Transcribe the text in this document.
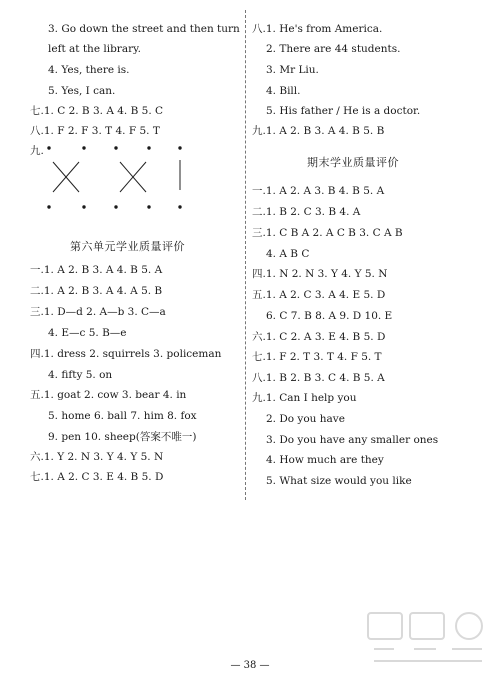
3. Go down the street and then turn
left at the library.
4. Yes, there is.
5. Yes, I can.
七.1. C 2. B 3. A 4. B 5. C
八.1. F 2. F 3. T 4. F 5. T
九.
第六单元学业质量评价
一.1. A 2. B 3. A 4. B 5. A
二.1. A 2. B 3. A 4. A 5. B
三.1. D—d 2. A—b 3. C—a
4. E—c 5. B—e
四.1. dress 2. squirrels 3. policeman
4. fifty 5. on
五.1. goat 2. cow 3. bear 4. in
5. home 6. ball 7. him 8. fox
9. pen 10. sheep(答案不唯一)
六.1. Y 2. N 3. Y 4. Y 5. N
七.1. A 2. C 3. E 4. B 5. D
八.1. He's from America.
2. There are 44 students.
3. Mr Liu.
4. Bill.
5. His father / He is a doctor.
九.1. A 2. B 3. A 4. B 5. B
期末学业质量评价
一.1. A 2. A 3. B 4. B 5. A
二.1. B 2. C 3. B 4. A
三.1. C B A 2. A C B 3. C A B
4. A B C
四.1. N 2. N 3. Y 4. Y 5. N
五.1. A 2. C 3. A 4. E 5. D
6. C 7. B 8. A 9. D 10. E
六.1. C 2. A 3. E 4. B 5. D
七.1. F 2. T 3. T 4. F 5. T
八.1. B 2. B 3. C 4. B 5. A
九.1. Can I help you
2. Do you have
3. Do you have any smaller ones
4. How much are they
5. What size would you like
— 38 —
